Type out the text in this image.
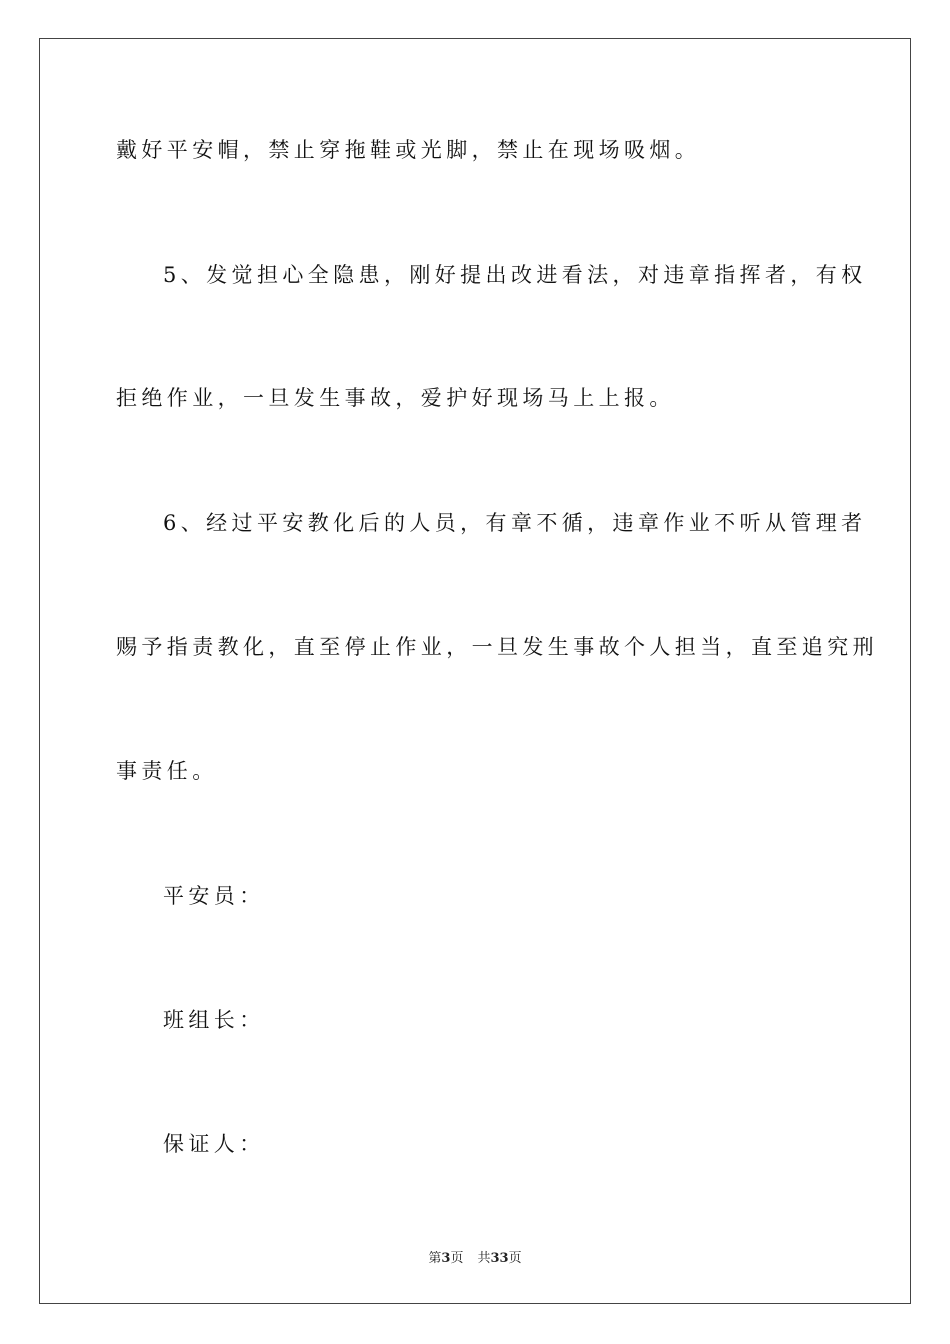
戴好平安帽，禁止穿拖鞋或光脚，禁止在现场吸烟。
5、发觉担心全隐患，刚好提出改进看法，对违章指挥者，有权
拒绝作业，一旦发生事故，爱护好现场马上上报。
6、经过平安教化后的人员，有章不循，违章作业不听从管理者
赐予指责教化，直至停止作业，一旦发生事故个人担当，直至追究刑
事责任。
平安员：
班组长：
保证人：
第3页 共33页
